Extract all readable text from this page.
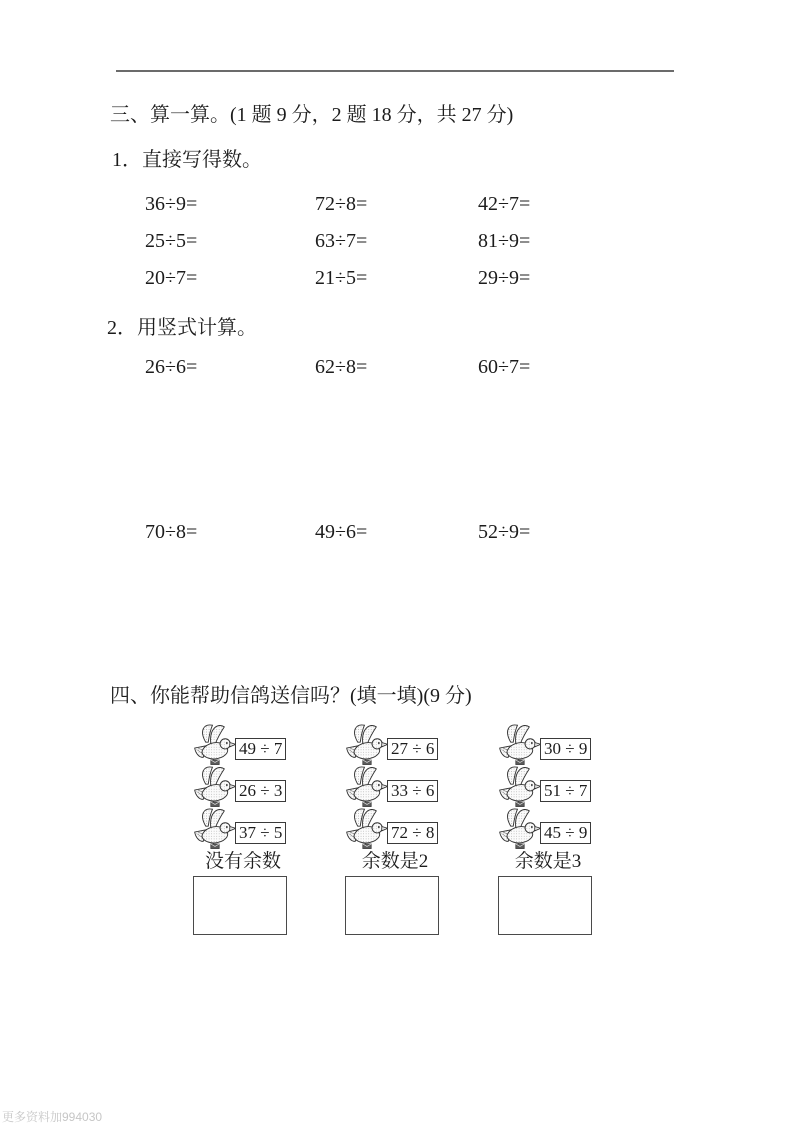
三、算一算。(1 题 9 分，2 题 18 分，共 27 分)
1．直接写得数。
36÷9=	72÷8=	42÷7=
25÷5=	63÷7=	81÷9=
20÷7=	21÷5=	29÷9=
2．用竖式计算。
26÷6=	62÷8=	60÷7=
70÷8=	49÷6=	52÷9=
四、你能帮助信鸽送信吗？(填一填)(9 分)
49 ÷ 7
26 ÷ 3
37 ÷ 5
没有余数
27 ÷ 6
33 ÷ 6
72 ÷ 8
余数是2
30 ÷ 9
51 ÷ 7
45 ÷ 9
余数是3
更多资料加994030
